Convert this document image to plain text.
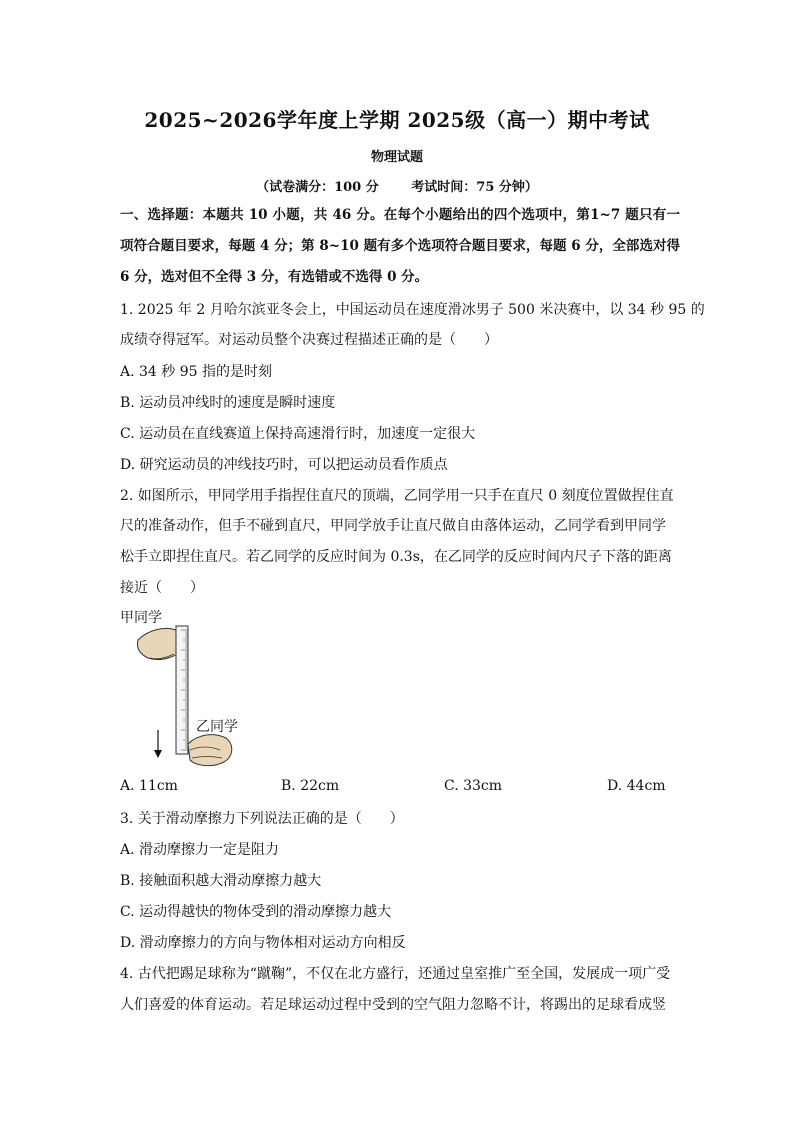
2025~2026学年度上学期 2025级（高一）期中考试
物理试题
（试卷满分：100 分	考试时间：75 分钟）
一、选择题：本题共 10 小题，共 46 分。在每个小题给出的四个选项中，第1~7 题只有一项符合题目要求，每题 4 分；第 8~10 题有多个选项符合题目要求，每题 6 分，全部选对得 6 分，选对但不全得 3 分，有选错或不选得 0 分。
1. 2025 年 2 月哈尔滨亚冬会上，中国运动员在速度滑冰男子 500 米决赛中，以 34 秒 95 的
成绩夺得冠军。对运动员整个决赛过程描述正确的是（　　）
A. 34 秒 95 指的是时刻
B. 运动员冲线时的速度是瞬时速度
C. 运动员在直线赛道上保持高速滑行时，加速度一定很大
D. 研究运动员的冲线技巧时，可以把运动员看作质点
2. 如图所示，甲同学用手指捏住直尺的顶端，乙同学用一只手在直尺 0 刻度位置做捏住直
尺的准备动作，但手不碰到直尺，甲同学放手让直尺做自由落体运动，乙同学看到甲同学
松手立即捏住直尺。若乙同学的反应时间为 0.3s，在乙同学的反应时间内尺子下落的距离
接近（　　）
甲同学
乙同学
A. 11cm	B. 22cm	C. 33cm	D. 44cm
3. 关于滑动摩擦力下列说法正确的是（　　）
A. 滑动摩擦力一定是阻力
B. 接触面积越大滑动摩擦力越大
C. 运动得越快的物体受到的滑动摩擦力越大
D. 滑动摩擦力的方向与物体相对运动方向相反
4. 古代把踢足球称为“蹴鞠”，不仅在北方盛行，还通过皇室推广至全国，发展成一项广受
人们喜爱的体育运动。若足球运动过程中受到的空气阻力忽略不计，将踢出的足球看成竖
